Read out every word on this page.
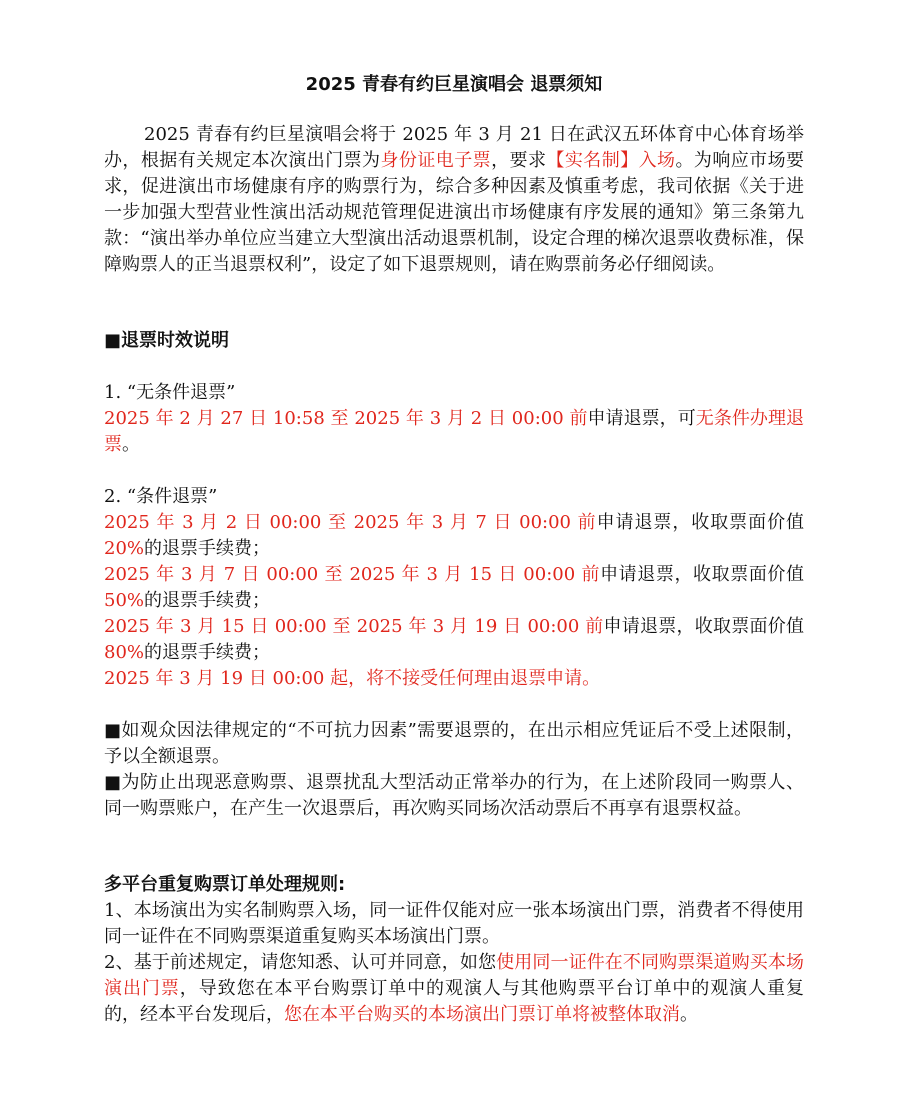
2025 青春有约巨星演唱会 退票须知
2025 青春有约巨星演唱会将于 2025 年 3 月 21 日在武汉五环体育中心体育场举办，根据有关规定本次演出门票为身份证电子票，要求【实名制】入场。为响应市场要求，促进演出市场健康有序的购票行为，综合多种因素及慎重考虑，我司依据《关于进一步加强大型营业性演出活动规范管理促进演出市场健康有序发展的通知》第三条第九款：“演出举办单位应当建立大型演出活动退票机制，设定合理的梯次退票收费标准，保障购票人的正当退票权利”，设定了如下退票规则，请在购票前务必仔细阅读。
■退票时效说明
1. “无条件退票”
2025 年 2 月 27 日 10:58 至 2025 年 3 月 2 日 00:00 前申请退票，可无条件办理退票。
2. “条件退票”
2025 年 3 月 2 日 00:00 至 2025 年 3 月 7 日 00:00 前申请退票，收取票面价值 20%的退票手续费；
2025 年 3 月 7 日 00:00 至 2025 年 3 月 15 日 00:00 前申请退票，收取票面价值50%的退票手续费；
2025 年 3 月 15 日 00:00 至 2025 年 3 月 19 日 00:00 前申请退票，收取票面价值80%的退票手续费；
2025 年 3 月 19 日 00:00 起，将不接受任何理由退票申请。
■如观众因法律规定的“不可抗力因素”需要退票的，在出示相应凭证后不受上述限制，予以全额退票。
■为防止出现恶意购票、退票扰乱大型活动正常举办的行为，在上述阶段同一购票人、同一购票账户，在产生一次退票后，再次购买同场次活动票后不再享有退票权益。
多平台重复购票订单处理规则:
1、本场演出为实名制购票入场，同一证件仅能对应一张本场演出门票，消费者不得使用同一证件在不同购票渠道重复购买本场演出门票。
2、基于前述规定，请您知悉、认可并同意，如您使用同一证件在不同购票渠道购买本场演出门票，导致您在本平台购票订单中的观演人与其他购票平台订单中的观演人重复的，经本平台发现后，您在本平台购买的本场演出门票订单将被整体取消。
